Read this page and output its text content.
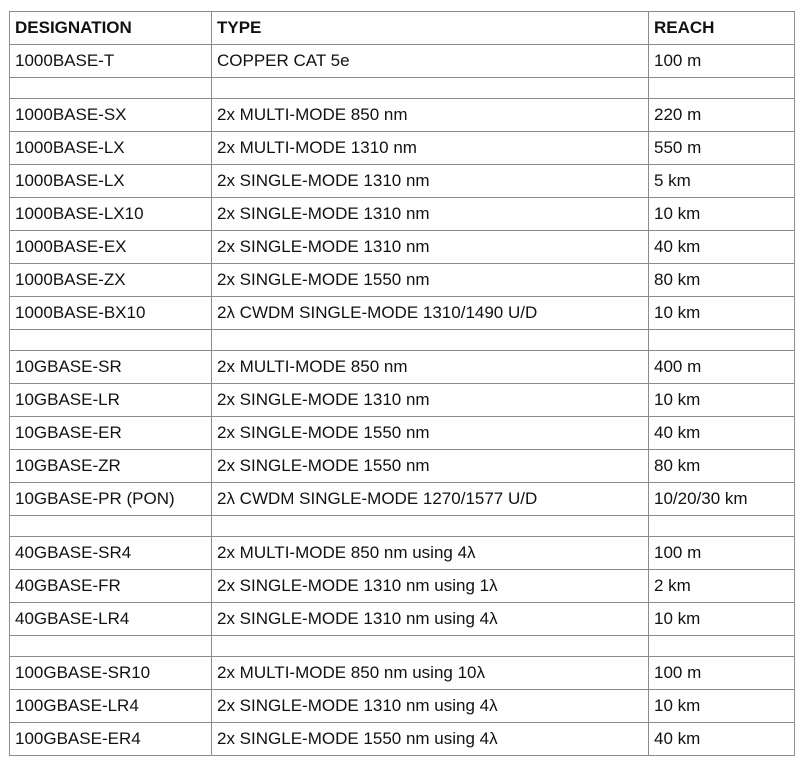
DESIGNATION	TYPE	REACH
1000BASE-T	COPPER CAT 5e	100 m

1000BASE-SX	2x MULTI-MODE 850 nm	220 m
1000BASE-LX	2x MULTI-MODE 1310 nm	550 m
1000BASE-LX	2x SINGLE-MODE 1310 nm	5 km
1000BASE-LX10	2x SINGLE-MODE 1310 nm	10 km
1000BASE-EX	2x SINGLE-MODE 1310 nm	40 km
1000BASE-ZX	2x SINGLE-MODE 1550 nm	80 km
1000BASE-BX10	2λ CWDM SINGLE-MODE 1310/1490 U/D	10 km

10GBASE-SR	2x MULTI-MODE 850 nm	400 m
10GBASE-LR	2x SINGLE-MODE 1310 nm	10 km
10GBASE-ER	2x SINGLE-MODE 1550 nm	40 km
10GBASE-ZR	2x SINGLE-MODE 1550 nm	80 km
10GBASE-PR (PON)	2λ CWDM SINGLE-MODE 1270/1577 U/D	10/20/30 km

40GBASE-SR4	2x MULTI-MODE 850 nm using 4λ	100 m
40GBASE-FR	2x SINGLE-MODE 1310 nm using 1λ	2 km
40GBASE-LR4	2x SINGLE-MODE 1310 nm using 4λ	10 km

100GBASE-SR10	2x MULTI-MODE 850 nm using 10λ	100 m
100GBASE-LR4	2x SINGLE-MODE 1310 nm using 4λ	10 km
100GBASE-ER4	2x SINGLE-MODE 1550 nm using 4λ	40 km
